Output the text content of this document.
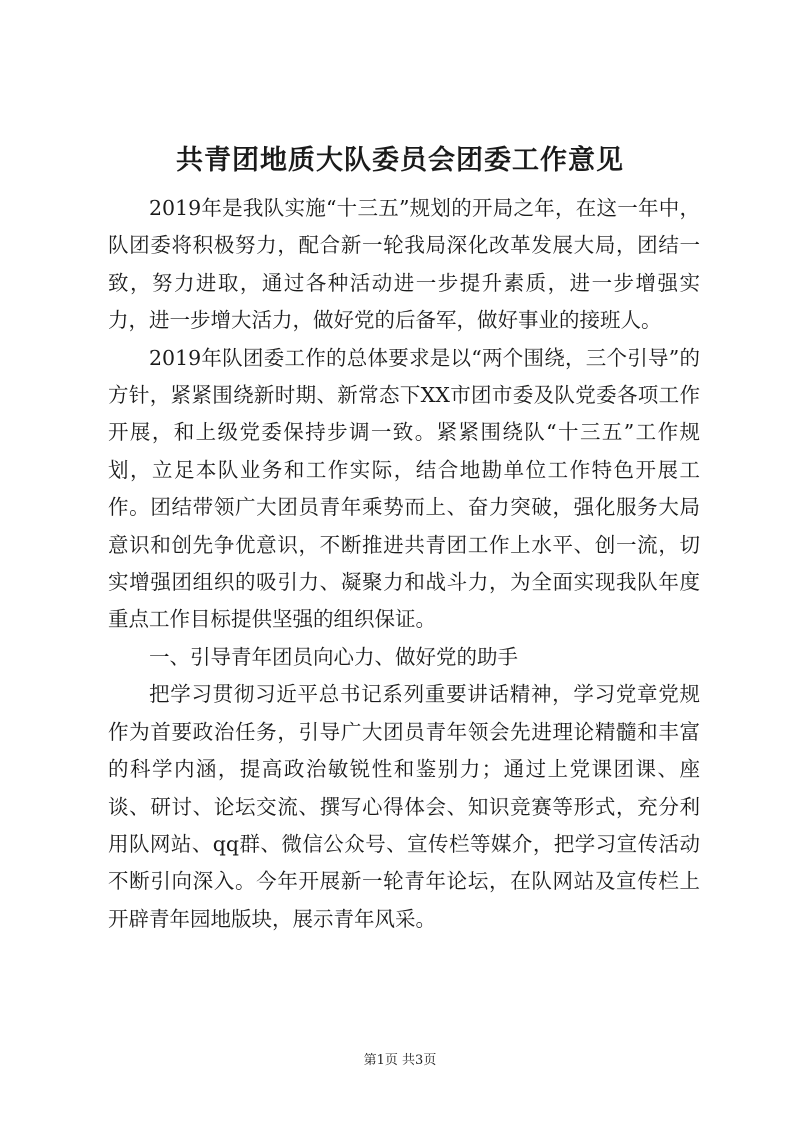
共青团地质大队委员会团委工作意见

2019年是我队实施“十三五”规划的开局之年，在这一年中，队团委将积极努力，配合新一轮我局深化改革发展大局，团结一致，努力进取，通过各种活动进一步提升素质，进一步增强实力，进一步增大活力，做好党的后备军，做好事业的接班人。

2019年队团委工作的总体要求是以“两个围绕，三个引导”的方针，紧紧围绕新时期、新常态下XX市团市委及队党委各项工作开展，和上级党委保持步调一致。紧紧围绕队“十三五”工作规划，立足本队业务和工作实际，结合地勘单位工作特色开展工作。团结带领广大团员青年乘势而上、奋力突破，强化服务大局意识和创先争优意识，不断推进共青团工作上水平、创一流，切实增强团组织的吸引力、凝聚力和战斗力，为全面实现我队年度重点工作目标提供坚强的组织保证。

一、引导青年团员向心力、做好党的助手

把学习贯彻习近平总书记系列重要讲话精神，学习党章党规作为首要政治任务，引导广大团员青年领会先进理论精髓和丰富的科学内涵，提高政治敏锐性和鉴别力；通过上党课团课、座谈、研讨、论坛交流、撰写心得体会、知识竞赛等形式，充分利用队网站、qq群、微信公众号、宣传栏等媒介，把学习宣传活动不断引向深入。今年开展新一轮青年论坛，在队网站及宣传栏上开辟青年园地版块，展示青年风采。

第1页 共3页
